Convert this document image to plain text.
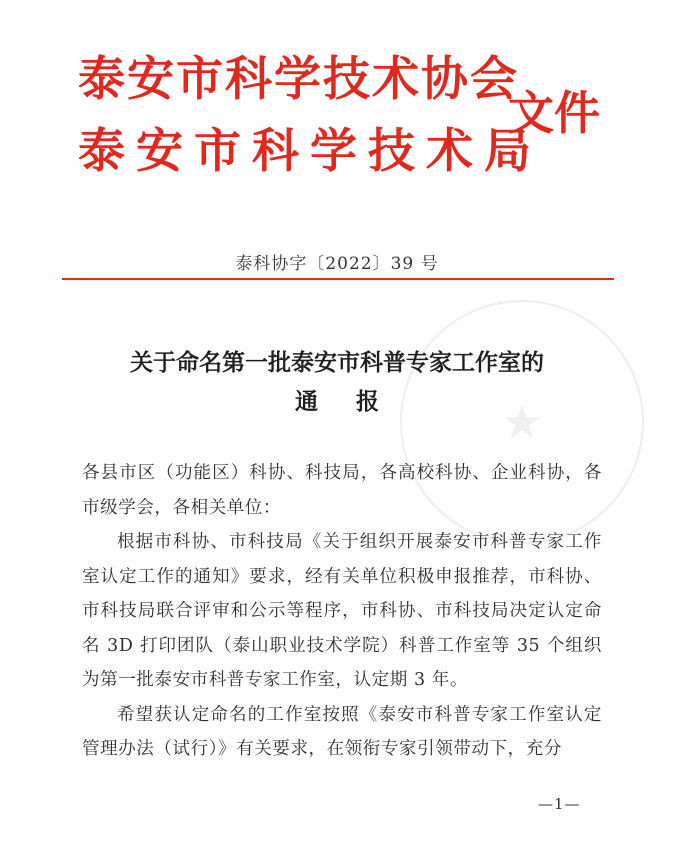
泰安市科学技术协会
泰安市科学技术局
文件
泰科协字〔2022〕39 号
★
关于命名第一批泰安市科普专家工作室的
通报

各县市区（功能区）科协、科技局，各高校科协、企业科协，各市级学会，各相关单位：

根据市科协、市科技局《关于组织开展泰安市科普专家工作室认定工作的通知》要求，经有关单位积极申报推荐，市科协、市科技局联合评审和公示等程序，市科协、市科技局决定认定命名 3D 打印团队（泰山职业技术学院）科普工作室等 35 个组织为第一批泰安市科普专家工作室，认定期 3 年。

希望获认定命名的工作室按照《泰安市科普专家工作室认定管理办法（试行）》有关要求，在领衔专家引领带动下，充分

—1—
